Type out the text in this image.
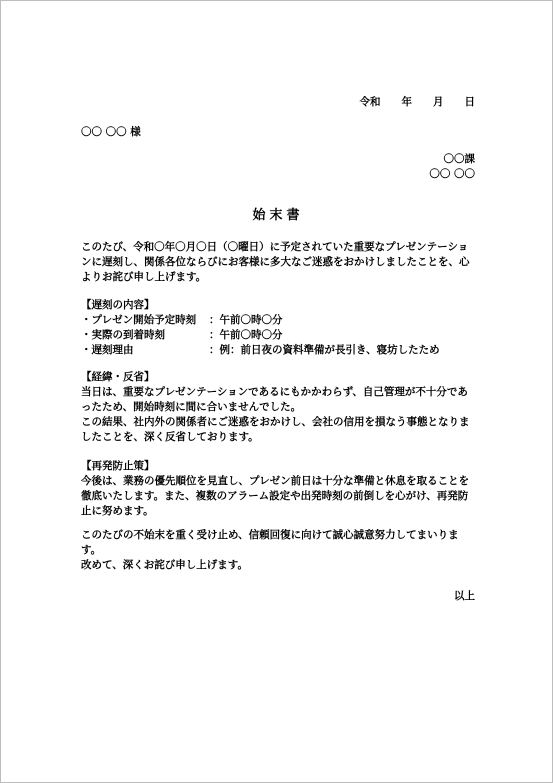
令和　　年　　月　　日
〇〇 〇〇 様
〇〇課
〇〇 〇〇
始末書
このたび、令和〇年〇月〇日（〇曜日）に予定されていた重要なプレゼンテーションに遅刻し、関係各位ならびにお客様に多大なご迷惑をおかけしましたことを、心よりお詫び申し上げます。
【遅刻の内容】
・プレゼン開始予定時刻	：午前〇時〇分
・実際の到着時刻	：午前〇時〇分
・遅刻理由	：例：前日夜の資料準備が長引き、寝坊したため
【経緯・反省】
当日は、重要なプレゼンテーションであるにもかかわらず、自己管理が不十分であったため、開始時刻に間に合いませんでした。
この結果、社内外の関係者にご迷惑をおかけし、会社の信用を損なう事態となりましたことを、深く反省しております。
【再発防止策】
今後は、業務の優先順位を見直し、プレゼン前日は十分な準備と休息を取ることを徹底いたします。また、複数のアラーム設定や出発時刻の前倒しを心がけ、再発防止に努めます。
このたびの不始末を重く受け止め、信頼回復に向けて誠心誠意努力してまいります。
改めて、深くお詫び申し上げます。
以上
